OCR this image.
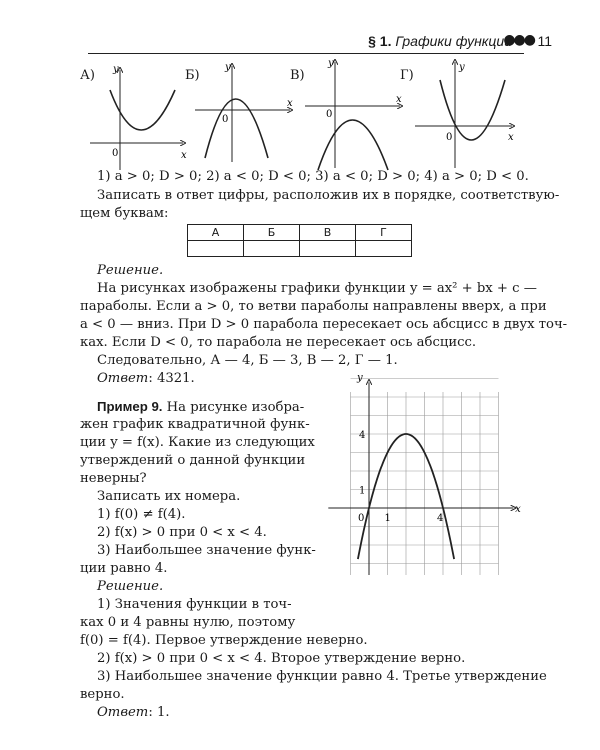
§ 1. Графики функций
●●● 11
А)	Б)	В)	Г)
y
x
0
y
x
0
y
x
0
y
x
0
1) a > 0; D > 0; 2) a < 0; D < 0; 3) a < 0; D > 0; 4) a > 0; D < 0.
Записать в ответ цифры, расположив их в порядке, соответствую-
щем буквам:
А	Б	В	Г

Решение.
На рисунках изображены графики функции y = ax² + bx + c —
параболы. Если a > 0, то ветви параболы направлены вверх, а при
a < 0 — вниз. При D > 0 парабола пересекает ось абсцисс в двух точ-
ках. Если D < 0, то парабола не пересекает ось абсцисс.
Следовательно, А — 4, Б — 3, В — 2, Г — 1.
Ответ: 4321.
Пример 9. На рисунке изобра-
жен график квадратичной функ-
ции y = f(x). Какие из следующих
утверждений о данной функции
неверны?
Записать их номера.
1) f(0) ≠ f(4).
2) f(x) > 0 при 0 < x < 4.
3) Наибольшее значение функ-
ции равно 4.
Решение.
1) Значения функции в точ-
ках 0 и 4 равны нулю, поэтому
f(0) = f(4). Первое утверждение неверно.
2) f(x) > 0 при 0 < x < 4. Второе утверждение верно.
3) Наибольшее значение функции равно 4. Третье утверждение
верно.
Ответ: 1.
0 1	4
1
4
x
y
